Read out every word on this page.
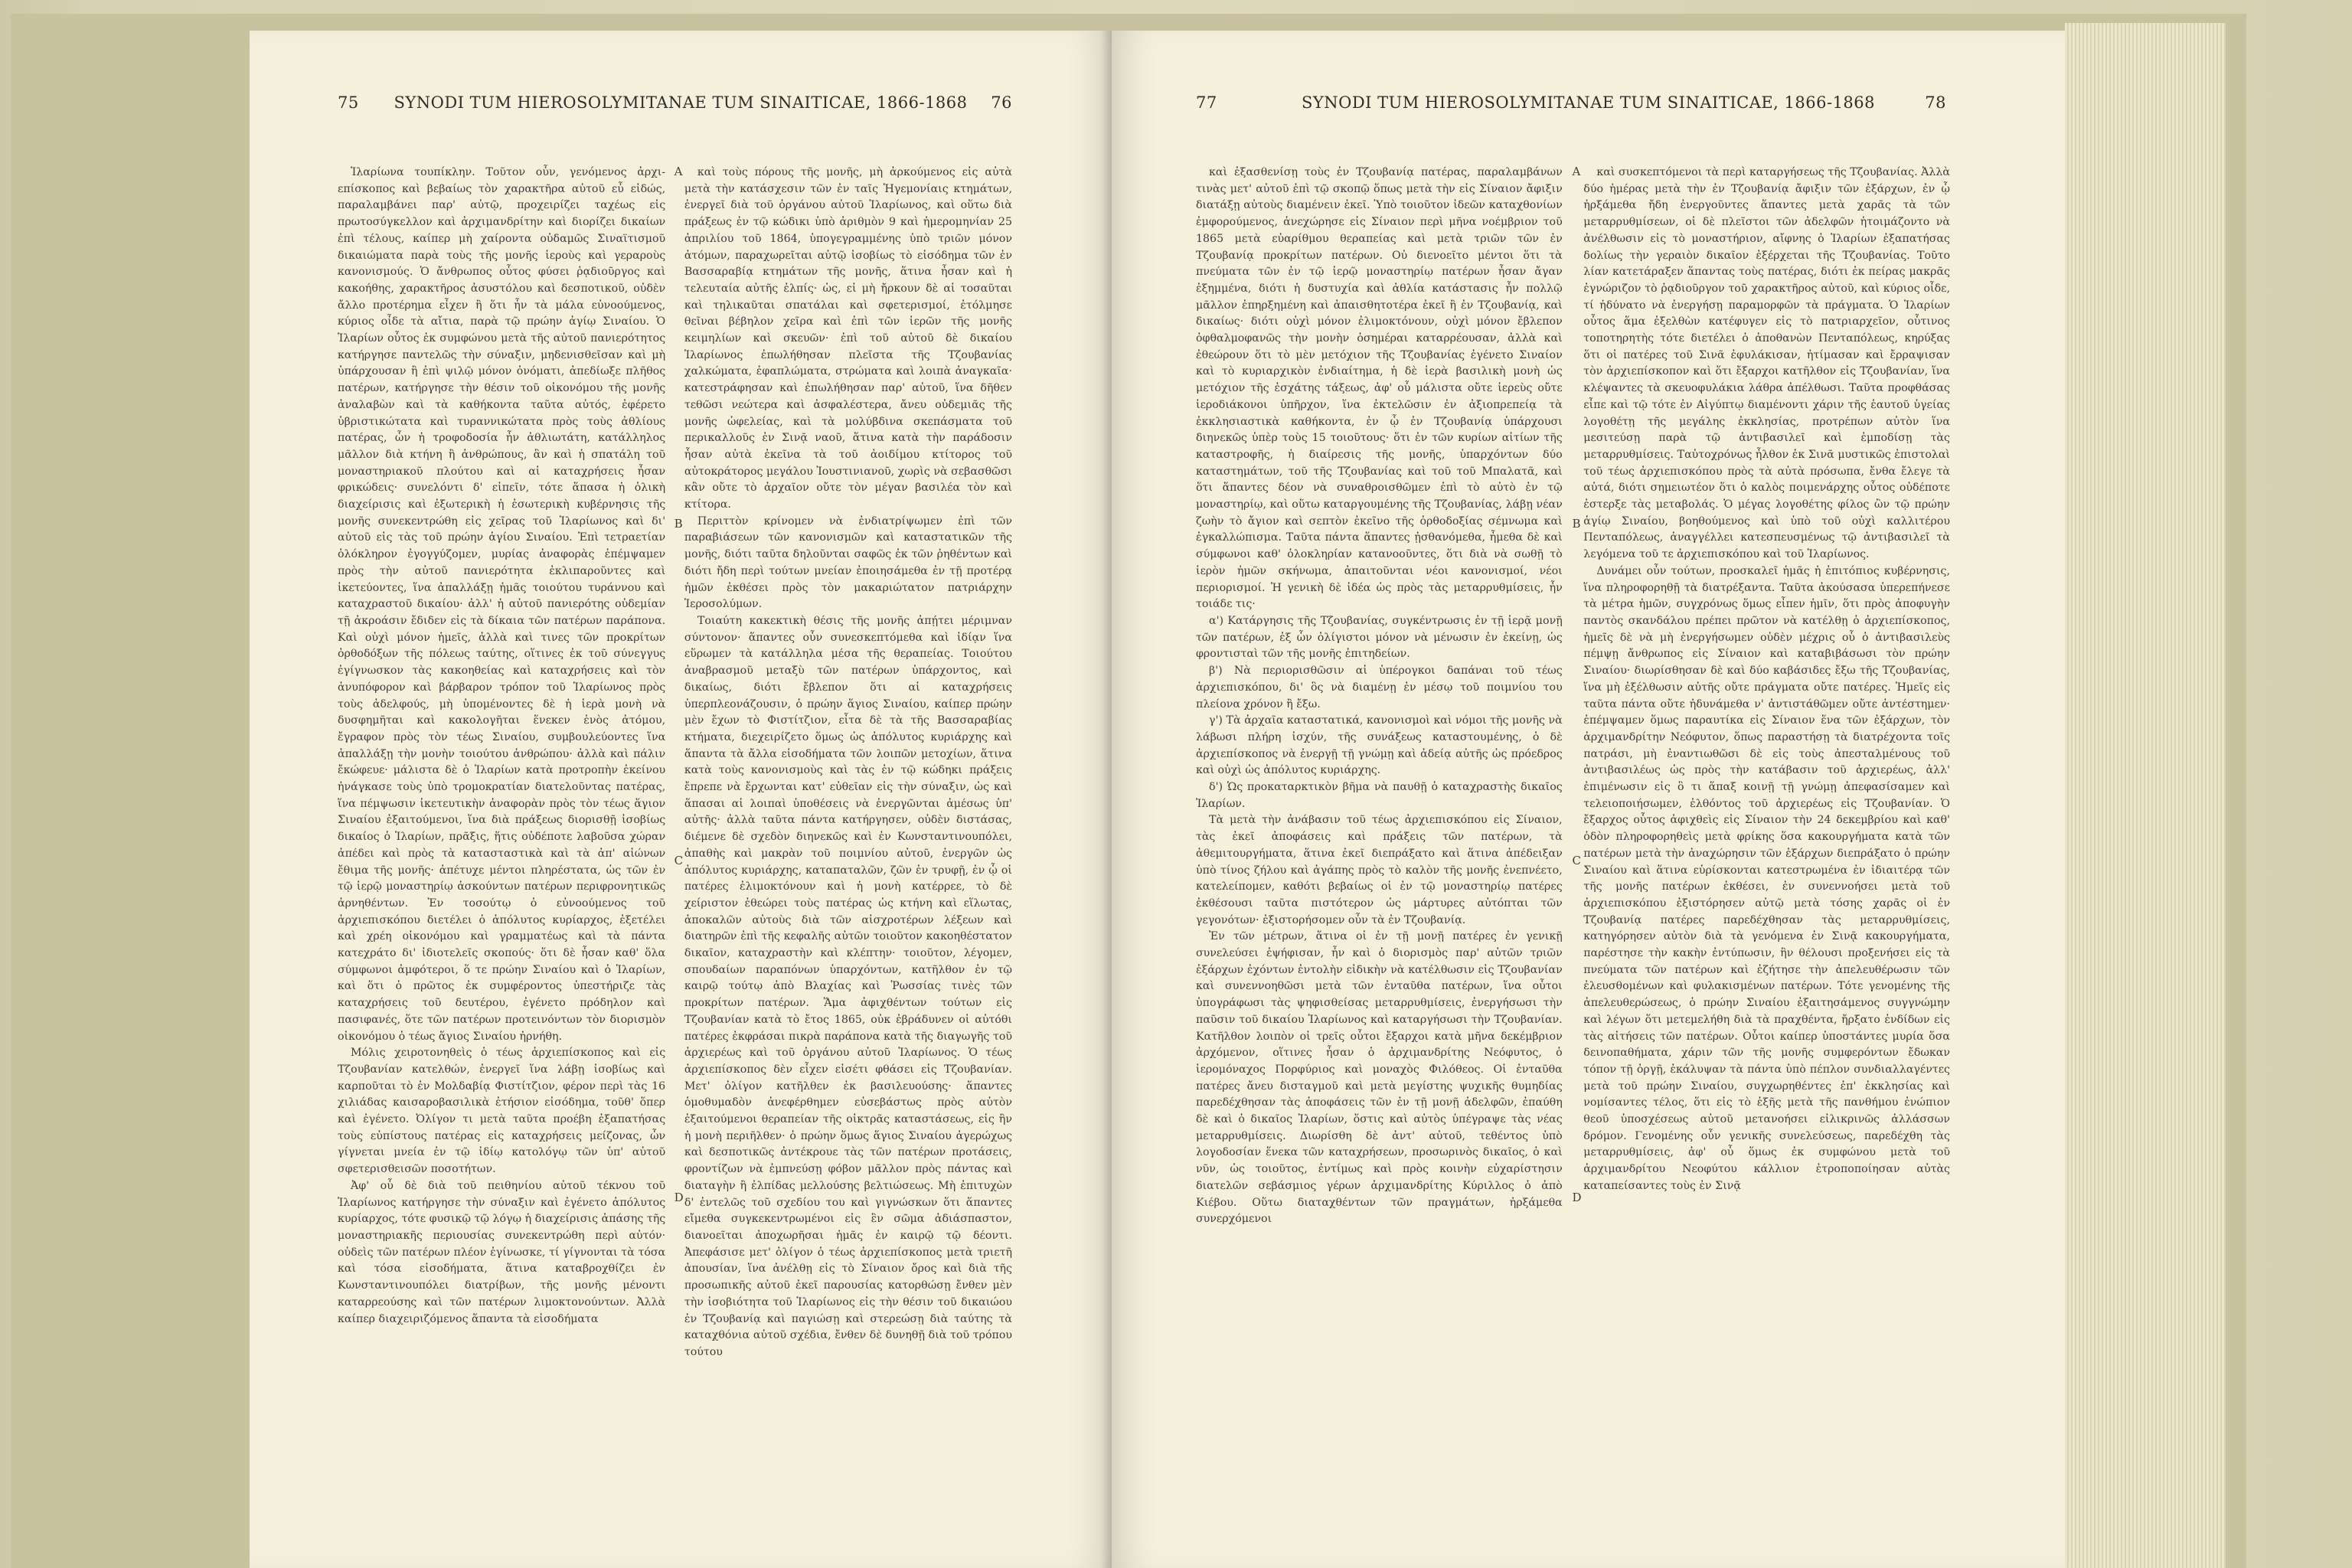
75	SYNODI TUM HIEROSOLYMITANAE TUM SINAITICAE, 1866-1868	76

Ἱλαρίωνα τουπίκλην. Τοῦτον οὖν, γενόμενος ἀρχι-επίσκοπος καὶ βεβαίως τὸν χαρακτῆρα αὐτοῦ εὖ εἰδώς, παραλαμβάνει παρ' αὐτῷ, προχειρίζει ταχέως εἰς πρωτοσύγκελλον καὶ ἀρχιμανδρίτην καὶ διορίζει δικαίων ἐπὶ τέλους, καίπερ μὴ χαίροντα οὐδαμῶς Σιναϊτισμοῦ δικαιώματα παρὰ τοὺς τῆς μονῆς ἱεροὺς καὶ γεραροὺς κανονισμούς. Ὁ ἄνθρωπος οὗτος φύσει ῥᾳδιοῦργος καὶ κακοήθης, χαρακτῆρος ἀσυστόλου καὶ δεσποτικοῦ, οὐδὲν ἄλλο προτέρημα εἶχεν ἢ ὅτι ἦν τὰ μάλα εὐνοούμενος, κύριος οἶδε τὰ αἴτια, παρὰ τῷ πρώην ἁγίῳ Σιναίου. Ὁ Ἱλαρίων οὗτος ἐκ συμφώνου μετὰ τῆς αὐτοῦ πανιερότητος κατήργησε παντελῶς τὴν σύναξιν, μηδενισθεῖσαν καὶ μὴ ὑπάρχουσαν ἢ ἐπὶ ψιλῷ μόνον ὀνόματι, ἀπεδίωξε πλῆθος πατέρων, κατήργησε τὴν θέσιν τοῦ οἰκονόμου τῆς μονῆς ἀναλαβὼν καὶ τὰ καθήκοντα ταῦτα αὐτός, ἐφέρετο ὑβριστικώτατα καὶ τυραννικώτατα πρὸς τοὺς ἀθλίους πατέρας, ὧν ἡ τροφοδοσία ἦν ἀθλιωτάτη, κατάλληλος μᾶλλον διὰ κτήνη ἢ ἀνθρώπους, ἂν καὶ ἡ σπατάλη τοῦ μοναστηριακοῦ πλούτου καὶ αἱ καταχρήσεις ἦσαν φρικώδεις· συνελόντι δ' εἰπεῖν, τότε ἅπασα ἡ ὁλικὴ διαχείρισις καὶ ἐξωτερικὴ ἡ ἐσωτερικὴ κυβέρνησις τῆς μονῆς συνεκεντρώθη εἰς χεῖρας τοῦ Ἱλαρίωνος καὶ δι' αὐτοῦ εἰς τὰς τοῦ πρώην ἁγίου Σιναίου. Ἐπὶ τετραετίαν ὁλόκληρον ἐγογγύζομεν, μυρίας ἀναφορὰς ἐπέμψαμεν πρὸς τὴν αὐτοῦ πανιερότητα ἐκλιπαροῦντες καὶ ἱκετεύοντες, ἵνα ἀπαλλάξῃ ἡμᾶς τοιούτου τυράννου καὶ καταχραστοῦ δικαίου· ἀλλ' ἡ αὐτοῦ πανιερότης οὐδεμίαν τῇ ἀκροάσιν ἔδιδεν εἰς τὰ δίκαια τῶν πατέρων παράπονα. Καὶ οὐχὶ μόνον ἡμεῖς, ἀλλὰ καὶ τινες τῶν προκρίτων ὀρθοδόξων τῆς πόλεως ταύτης, οἵτινες ἐκ τοῦ σύνεγγυς ἐγίγνωσκον τὰς κακοηθείας καὶ καταχρήσεις καὶ τὸν ἀνυπόφορον καὶ βάρβαρον τρόπον τοῦ Ἱλαρίωνος πρὸς τοὺς ἀδελφούς, μὴ ὑπομένοντες δὲ ἡ ἱερὰ μονὴ νὰ δυσφημῆται καὶ κακολογῆται ἕνεκεν ἑνὸς ἀτόμου, ἔγραφον πρὸς τὸν τέως Σιναίου, συμβουλεύοντες ἵνα ἀπαλλάξῃ τὴν μονὴν τοιούτου ἀνθρώπου· ἀλλὰ καὶ πάλιν ἔκώφευε· μάλιστα δὲ ὁ Ἱλαρίων κατὰ προτροπὴν ἐκείνου ἠνάγκασε τοὺς ὑπὸ τρομοκρατίαν διατελοῦντας πατέρας, ἵνα πέμψωσιν ἱκετευτικὴν ἀναφορὰν πρὸς τὸν τέως ἅγιον Σιναίου ἐξαιτούμενοι, ἵνα διὰ πράξεως διορισθῇ ἰσοβίως δικαίος ὁ Ἱλαρίων, πρᾶξις, ἥτις οὐδέποτε λαβοῦσα χώραν ἀπέδει καὶ πρὸς τὰ κατασταστικὰ καὶ τὰ ἀπ' αἰώνων ἔθιμα τῆς μονῆς· ἀπέτυχε μέντοι πληρέστατα, ὡς τῶν ἐν τῷ ἱερῷ μοναστηρίῳ ἀσκούντων πατέρων περιφρονητικῶς ἀρνηθέντων. Ἐν τοσούτῳ ὁ εὐνοούμενος τοῦ ἀρχιεπισκόπου διετέλει ὁ ἀπόλυτος κυρίαρχος, ἐξετέλει καὶ χρέη οἰκονόμου καὶ γραμματέως καὶ τὰ πάντα κατεχράτο δι' ἰδιοτελεῖς σκοπούς· ὅτι δὲ ἦσαν καθ' ὅλα σύμφωνοι ἀμφότεροι, ὅ τε πρώην Σιναίου καὶ ὁ Ἱλαρίων, καὶ ὅτι ὁ πρῶτος ἐκ συμφέροντος ὑπεστήριζε τὰς καταχρήσεις τοῦ δευτέρου, ἐγένετο πρόδηλον καὶ πασιφανές, ὅτε τῶν πατέρων προτεινόντων τὸν διορισμὸν οἰκονόμου ὁ τέως ἅγιος Σιναίου ἠρνήθη.

Μόλις χειροτονηθεὶς ὁ τέως ἀρχιεπίσκοπος καὶ εἰς Τζουβανίαν κατελθών, ἐνεργεῖ ἵνα λάβῃ ἰσοβίως καὶ καρποῦται τὸ ἐν Μολδαβίᾳ Φιστίτζιον, φέρον περὶ τὰς 16 χιλιάδας καισαροβασιλικὰ ἐτήσιον εἰσόδημα, τοῦθ' ὅπερ καὶ ἐγένετο. Ὀλίγον τι μετὰ ταῦτα προέβη ἐξαπατήσας τοὺς εὐπίστους πατέρας εἰς καταχρήσεις μείζονας, ὧν γίγνεται μνεία ἐν τῷ ἰδίῳ κατολόγῳ τῶν ὑπ' αὐτοῦ σφετερισθεισῶν ποσοτήτων.

Ἀφ' οὗ δὲ διὰ τοῦ πειθηνίου αὐτοῦ τέκνου τοῦ Ἱλαρίωνος κατήργησε τὴν σύναξιν καὶ ἐγένετο ἀπόλυτος κυρίαρχος, τότε φυσικῷ τῷ λόγῳ ἡ διαχείρισις ἁπάσης τῆς μοναστηριακῆς περιουσίας συνεκεντρώθη περὶ αὐτόν· οὐδεὶς τῶν πατέρων πλέον ἐγίνωσκε, τί γίγνονται τὰ τόσα καὶ τόσα εἰσοδήματα, ἅτινα καταβροχθίζει ἐν Κωνσταντινουπόλει διατρίβων, τῆς μονῆς μένοντι καταρρεούσης καὶ τῶν πατέρων λιμοκτονούντων. Ἀλλὰ καίπερ διαχειριζόμενος ἅπαντα τὰ εἰσοδήματα

A
B
C
D

καὶ τοὺς πόρους τῆς μονῆς, μὴ ἀρκούμενος εἰς αὐτὰ μετὰ τὴν κατάσχεσιν τῶν ἐν ταῖς Ἡγεμονίαις κτημάτων, ἐνεργεῖ διὰ τοῦ ὀργάνου αὐτοῦ Ἱλαρίωνος, καὶ οὕτω διὰ πράξεως ἐν τῷ κώδικι ὑπὸ ἀριθμὸν 9 καὶ ἡμερομηνίαν 25 ἀπριλίου τοῦ 1864, ὑπογεγραμμένης ὑπὸ τριῶν μόνον ἀτόμων, παραχωρεῖται αὐτῷ ἰσοβίως τὸ εἰσόδημα τῶν ἐν Βασσαραβίᾳ κτημάτων τῆς μονῆς, ἅτινα ἦσαν καὶ ἡ τελευταία αὐτῆς ἐλπίς· ὡς, εἰ μὴ ἤρκουν δὲ αἱ τοσαῦται καὶ τηλικαῦται σπατάλαι καὶ σφετερισμοί, ἐτόλμησε θεῖναι βέβηλον χεῖρα καὶ ἐπὶ τῶν ἱερῶν τῆς μονῆς κειμηλίων καὶ σκευῶν· ἐπὶ τοῦ αὐτοῦ δὲ δικαίου Ἱλαρίωνος ἐπωλήθησαν πλεῖστα τῆς Τζουβανίας χαλκώματα, ἐφαπλώματα, στρώματα καὶ λοιπὰ ἀναγκαῖα· κατεστράφησαν καὶ ἐπωλήθησαν παρ' αὐτοῦ, ἵνα δῆθεν τεθῶσι νεώτερα καὶ ἀσφαλέστερα, ἄνευ οὐδεμιᾶς τῆς μονῆς ὠφελείας, καὶ τὰ μολύβδινα σκεπάσματα τοῦ περικαλλοῦς ἐν Σινᾷ ναοῦ, ἅτινα κατὰ τὴν παράδοσιν ἦσαν αὐτὰ ἐκεῖνα τὰ τοῦ ἀοιδίμου κτίτορος τοῦ αὐτοκράτορος μεγάλου Ἰουστινιανοῦ, χωρὶς νὰ σεβασθῶσι κἂν οὔτε τὸ ἀρχαῖον οὔτε τὸν μέγαν βασιλέα τὸν καὶ κτίτορα.

Περιττὸν κρίνομεν νὰ ἐνδιατρίψωμεν ἐπὶ τῶν παραβιάσεων τῶν κανονισμῶν καὶ καταστατικῶν τῆς μονῆς, διότι ταῦτα δηλοῦνται σαφῶς ἐκ τῶν ῥηθέντων καὶ διότι ἤδη περὶ τούτων μνείαν ἐποιησάμεθα ἐν τῇ προτέρᾳ ἡμῶν ἐκθέσει πρὸς τὸν μακαριώτατον πατριάρχην Ἱεροσολύμων.

Τοιαύτη κακεκτικὴ θέσις τῆς μονῆς ἀπῄτει μέριμναν σύντονον· ἅπαντες οὖν συνεσκεπτόμεθα καὶ ἰδίᾳν ἵνα εὕρωμεν τὰ κατάλληλα μέσα τῆς θεραπείας. Τοιούτου ἀναβρασμοῦ μεταξὺ τῶν πατέρων ὑπάρχοντος, καὶ δικαίως, διότι ἔβλεπον ὅτι αἱ καταχρήσεις ὑπερπλεονάζουσιν, ὁ πρώην ἅγιος Σιναίου, καίπερ πρώην μὲν ἔχων τὸ Φιστίτζιον, εἶτα δὲ τὰ τῆς Βασσαραβίας κτήματα, διεχειρίζετο ὅμως ὡς ἀπόλυτος κυριάρχης καὶ ἅπαντα τὰ ἄλλα εἰσοδήματα τῶν λοιπῶν μετοχίων, ἅτινα κατὰ τοὺς κανονισμοὺς καὶ τὰς ἐν τῷ κώδηκι πράξεις ἔπρεπε νὰ ἔρχωνται κατ' εὐθεῖαν εἰς τὴν σύναξιν, ὡς καὶ ἅπασαι αἱ λοιπαὶ ὑποθέσεις νὰ ἐνεργῶνται ἀμέσως ὑπ' αὐτῆς· ἀλλὰ ταῦτα πάντα κατήργησεν, οὐδὲν διστάσας, διέμενε δὲ σχεδὸν διηνεκῶς καὶ ἐν Κωνσταντινουπόλει, ἀπαθὴς καὶ μακρὰν τοῦ ποιμνίου αὐτοῦ, ἐνεργῶν ὡς ἀπόλυτος κυριάρχης, καταπαταλῶν, ζῶν ἐν τρυφῇ, ἐν ᾧ οἱ πατέρες ἐλιμοκτόνουν καὶ ἡ μονὴ κατέρρεε, τὸ δὲ χείριστον ἐθεώρει τοὺς πατέρας ὡς κτήνη καὶ εἵλωτας, ἀποκαλῶν αὐτοὺς διὰ τῶν αἰσχροτέρων λέξεων καὶ διατηρῶν ἐπὶ τῆς κεφαλῆς αὐτῶν τοιοῦτον κακοηθέστατον δικαῖον, καταχραστὴν καὶ κλέπτην· τοιοῦτον, λέγομεν, σπουδαίων παραπόνων ὑπαρχόντων, κατῆλθον ἐν τῷ καιρῷ τούτῳ ἀπὸ Βλαχίας καὶ Ῥωσσίας τινὲς τῶν προκρίτων πατέρων. Ἅμα ἀφιχθέντων τούτων εἰς Τζουβανίαν κατὰ τὸ ἔτος 1865, οὐκ ἐβράδυνεν οἱ αὐτόθι πατέρες ἐκφράσαι πικρὰ παράπονα κατὰ τῆς διαγωγῆς τοῦ ἀρχιερέως καὶ τοῦ ὀργάνου αὐτοῦ Ἱλαρίωνος. Ὁ τέως ἀρχιεπίσκοπος δὲν εἶχεν εἰσέτι φθάσει εἰς Τζουβανίαν. Μετ' ὀλίγον κατῆλθεν ἐκ βασιλευούσης· ἅπαντες ὁμοθυμαδὸν ἀνεφέρθημεν εὐσεβάστως πρὸς αὐτὸν ἐξαιτούμενοι θεραπείαν τῆς οἰκτρᾶς καταστάσεως, εἰς ἣν ἡ μονὴ περιῆλθεν· ὁ πρώην ὅμως ἅγιος Σιναίου ἀγερώχως καὶ δεσποτικῶς ἀντέκρουε τὰς τῶν πατέρων προτάσεις, φροντίζων νὰ ἐμπνεύσῃ φόβον μᾶλλον πρὸς πάντας καὶ διαταγὴν ἢ ἐλπίδας μελλούσης βελτιώσεως. Μὴ ἐπιτυχὼν δ' ἐντελῶς τοῦ σχεδίου του καὶ γιγνώσκων ὅτι ἅπαντες εἴμεθα συγκεκεντρωμένοι εἰς ἓν σῶμα ἀδιάσπαστον, διανοεῖται ἀποχωρῆσαι ἡμᾶς ἐν καιρῷ τῷ δέοντι. Ἀπεφάσισε μετ' ὀλίγον ὁ τέως ἀρχιεπίσκοπος μετὰ τριετῆ ἀπουσίαν, ἵνα ἀνέλθῃ εἰς τὸ Σίναιον ὄρος καὶ διὰ τῆς προσωπικῆς αὐτοῦ ἐκεῖ παρουσίας κατορθώσῃ ἔνθεν μὲν τὴν ἰσοβιότητα τοῦ Ἱλαρίωνος εἰς τὴν θέσιν τοῦ δικαιώου ἐν Τζουβανίᾳ καὶ παγιώσῃ καὶ στερεώσῃ διὰ ταύτης τὰ καταχθόνια αὐτοῦ σχέδια, ἔνθεν δὲ δυνηθῇ διὰ τοῦ τρόπου τούτου

77	SYNODI TUM HIEROSOLYMITANAE TUM SINAITICAE, 1866-1868	78

καὶ ἐξασθενίσῃ τοὺς ἐν Τζουβανίᾳ πατέρας, παραλαμβάνων τινὰς μετ' αὐτοῦ ἐπὶ τῷ σκοπῷ ὅπως μετὰ τὴν εἰς Σίναιον ἄφιξιν διατάξῃ αὐτοὺς διαμένειν ἐκεῖ. Ὑπὸ τοιοῦτον ἰδεῶν καταχθονίων ἐμφορούμενος, ἀνεχώρησε εἰς Σίναιον περὶ μῆνα νοέμβριον τοῦ 1865 μετὰ εὐαρίθμου θεραπείας καὶ μετὰ τριῶν τῶν ἐν Τζουβανίᾳ προκρίτων πατέρων. Οὐ διενοεῖτο μέντοι ὅτι τὰ πνεύματα τῶν ἐν τῷ ἱερῷ μοναστηρίῳ πατέρων ἦσαν ἄγαν ἐξημμένα, διότι ἡ δυστυχία καὶ ἀθλία κατάστασις ἦν πολλῷ μᾶλλον ἐπηρξημένη καὶ ἀπαισθητοτέρα ἐκεῖ ἢ ἐν Τζουβανίᾳ, καὶ δικαίως· διότι οὐχὶ μόνον ἐλιμοκτόνουν, οὐχὶ μόνον ἔβλεπον ὀφθαλμοφανῶς τὴν μονὴν ὁσημέραι καταρρέουσαν, ἀλλὰ καὶ ἐθεώρουν ὅτι τὸ μὲν μετόχιον τῆς Τζουβανίας ἐγένετο Σιναίον καὶ τὸ κυριαρχικὸν ἐνδιαίτημα, ἡ δὲ ἱερὰ βασιλικὴ μονὴ ὡς μετόχιον τῆς ἐσχάτης τάξεως, ἀφ' οὗ μάλιστα οὔτε ἱερεὺς οὔτε ἱεροδιάκονοι ὑπῆρχον, ἵνα ἐκτελῶσιν ἐν ἀξιοπρεπείᾳ τὰ ἐκκλησιαστικὰ καθήκοντα, ἐν ᾧ ἐν Τζουβανίᾳ ὑπάρχουσι διηνεκῶς ὑπὲρ τοὺς 15 τοιοῦτους· ὅτι ἐν τῶν κυρίων αἰτίων τῆς καταστροφῆς, ἡ διαίρεσις τῆς μονῆς, ὑπαρχόντων δύο καταστημάτων, τοῦ τῆς Τζουβανίας καὶ τοῦ τοῦ Μπαλατᾶ, καὶ ὅτι ἅπαντες δέον νὰ συναθροισθῶμεν ἐπὶ τὸ αὐτὸ ἐν τῷ μοναστηρίῳ, καὶ οὕτω καταργουμένης τῆς Τζουβανίας, λάβῃ νέαν ζωὴν τὸ ἄγιον καὶ σεπτὸν ἐκεῖνο τῆς ὀρθοδοξίας σέμνωμα καὶ ἐγκαλλώπισμα. Ταῦτα πάντα ἅπαντες ᾐσθανόμεθα, ἦμεθα δὲ καὶ σύμφωνοι καθ' ὁλοκληρίαν κατανοοῦντες, ὅτι διὰ νὰ σωθῇ τὸ ἱερὸν ἡμῶν σκήνωμα, ἀπαιτοῦνται νέοι κανονισμοί, νέοι περιορισμοί. Ἡ γενικὴ δὲ ἰδέα ὡς πρὸς τὰς μεταρρυθμίσεις, ἦν τοιάδε τις·

α') Κατάργησις τῆς Τζουβανίας, συγκέντρωσις ἐν τῇ ἱερᾷ μονῇ τῶν πατέρων, ἐξ ὧν ὀλίγιστοι μόνον νὰ μένωσιν ἐν ἐκείνῃ, ὡς φροντισταὶ τῶν τῆς μονῆς ἐπιτηδείων.

β') Νὰ περιορισθῶσιν αἱ ὑπέρογκοι δαπάναι τοῦ τέως ἀρχιεπισκόπου, δι' ὃς νὰ διαμένῃ ἐν μέσῳ τοῦ ποιμνίου του πλείονα χρόνον ἢ ἔξω.

γ') Τὰ ἀρχαῖα καταστατικά, κανονισμοὶ καὶ νόμοι τῆς μονῆς νὰ λάβωσι πλήρη ἰσχύν, τῆς συνάξεως καταστουμένης, ὁ δὲ ἀρχιεπίσκοπος νὰ ἐνεργῇ τῇ γνώμῃ καὶ ἀδείᾳ αὐτῆς ὡς πρόεδρος καὶ οὐχὶ ὡς ἀπόλυτος κυριάρχης.

δ') Ὡς προκαταρκτικὸν βῆμα νὰ παυθῇ ὁ καταχραστὴς δικαῖος Ἱλαρίων.

Τὰ μετὰ τὴν ἀνάβασιν τοῦ τέως ἀρχιεπισκόπου εἰς Σίναιον, τὰς ἐκεῖ ἀποφάσεις καὶ πράξεις τῶν πατέρων, τὰ ἀθεμιτουργήματα, ἅτινα ἐκεῖ διεπράξατο καὶ ἅτινα ἀπέδειξαν ὑπὸ τίνος ζήλου καὶ ἀγάπης πρὸς τὸ καλὸν τῆς μονῆς ἐνεπνέετο, κατελείπομεν, καθότι βεβαίως οἱ ἐν τῷ μοναστηρίῳ πατέρες ἐκθέσουσι ταῦτα πιστότερον ὡς μάρτυρες αὐτόπται τῶν γεγονότων· ἐξιστορήσομεν οὖν τὰ ἐν Τζουβανίᾳ.

Ἐν τῶν μέτρων, ἅτινα οἱ ἐν τῇ μονῇ πατέρες ἐν γενικῇ συνελεύσει ἐψήφισαν, ἦν καὶ ὁ διορισμὸς παρ' αὐτῶν τριῶν ἐξάρχων ἐχόντων ἐντολὴν εἰδικὴν νὰ κατέλθωσιν εἰς Τζουβανίαν καὶ συνεννοηθῶσι μετὰ τῶν ἐνταῦθα πατέρων, ἵνα οὗτοι ὑπογράφωσι τὰς ψηφισθείσας μεταρρυθμίσεις, ἐνεργήσωσι τὴν παῦσιν τοῦ δικαίου Ἱλαρίωνος καὶ καταργήσωσι τὴν Τζουβανίαν. Κατῆλθον λοιπὸν οἱ τρεῖς οὗτοι ἔξαρχοι κατὰ μῆνα δεκέμβριον ἀρχόμενον, οἵτινες ἦσαν ὁ ἀρχιμανδρίτης Νεόφυτος, ὁ ἱερομόναχος Πορφύριος καὶ μοναχὸς Φιλόθεος. Οἱ ἐνταῦθα πατέρες ἄνευ δισταγμοῦ καὶ μετὰ μεγίστης ψυχικῆς θυμηδίας παρεδέχθησαν τὰς ἀποφάσεις τῶν ἐν τῇ μονῇ ἀδελφῶν, ἐπαύθη δὲ καὶ ὁ δικαῖος Ἱλαρίων, ὅστις καὶ αὐτὸς ὑπέγραψε τὰς νέας μεταρρυθμίσεις. Διωρίσθη δὲ ἀντ' αὐτοῦ, τεθέντος ὑπὸ λογοδοσίαν ἕνεκα τῶν καταχρήσεων, προσωρινὸς δικαῖος, ὁ καὶ νῦν, ὡς τοιοῦτος, ἐντίμως καὶ πρὸς κοινὴν εὐχαρίστησιν διατελῶν σεβάσμιος γέρων ἀρχιμανδρίτης Κύριλλος ὁ ἀπὸ Κιέβου. Οὕτω διαταχθέντων τῶν πραγμάτων, ἠρξάμεθα συνερχόμενοι

A
B
C
D

καὶ συσκεπτόμενοι τὰ περὶ καταργήσεως τῆς Τζουβανίας. Ἀλλὰ δύο ἡμέρας μετὰ τὴν ἐν Τζουβανίᾳ ἄφιξιν τῶν ἐξάρχων, ἐν ᾧ ἠρξάμεθα ἤδη ἐνεργοῦντες ἅπαντες μετὰ χαρᾶς τὰ τῶν μεταρρυθμίσεων, οἱ δὲ πλεῖστοι τῶν ἀδελφῶν ἡτοιμάζοντο νὰ ἀνέλθωσιν εἰς τὸ μοναστήριον, αἴφνης ὁ Ἱλαρίων ἐξαπατήσας δολίως τὴν γεραιὸν δικαῖον ἐξέρχεται τῆς Τζουβανίας. Τοῦτο λίαν κατετάραξεν ἅπαντας τοὺς πατέρας, διότι ἐκ πείρας μακρᾶς ἐγνώριζον τὸ ῥᾳδιοῦργον τοῦ χαρακτῆρος αὐτοῦ, καὶ κύριος οἶδε, τί ἠδύνατο νὰ ἐνεργήσῃ παραμορφῶν τὰ πράγματα. Ὁ Ἱλαρίων οὗτος ἅμα ἐξελθὼν κατέφυγεν εἰς τὸ πατριαρχεῖον, οὗτινος τοποτηρητὴς τότε διετέλει ὁ ἀποθανὼν Πενταπόλεως, κηρύξας ὅτι οἱ πατέρες τοῦ Σινᾶ ἐφυλάκισαν, ἠτίμασαν καὶ ἔρραψισαν τὸν ἀρχιεπίσκοπον καὶ ὅτι ἔξαρχοι κατῆλθον εἰς Τζουβανίαν, ἵνα κλέψαντες τὰ σκευοφυλάκια λάθρα ἀπέλθωσι. Ταῦτα προφθάσας εἶπε καὶ τῷ τότε ἐν Αἰγύπτῳ διαμένοντι χάριν τῆς ἑαυτοῦ ὑγείας λογοθέτῃ τῆς μεγάλης ἐκκλησίας, προτρέπων αὐτὸν ἵνα μεσιτεύσῃ παρὰ τῷ ἀντιβασιλεῖ καὶ ἐμποδίσῃ τὰς μεταρρυθμίσεις. Ταὐτοχρόνως ἦλθον ἐκ Σινᾶ μυστικῶς ἐπιστολαὶ τοῦ τέως ἀρχιεπισκόπου πρὸς τὰ αὐτὰ πρόσωπα, ἔνθα ἔλεγε τὰ αὐτά, διότι σημειωτέον ὅτι ὁ καλὸς ποιμενάρχης οὗτος οὐδέποτε ἐστερξε τὰς μεταβολάς. Ὁ μέγας λογοθέτης φίλος ὢν τῷ πρώην ἁγίῳ Σιναίου, βοηθούμενος καὶ ὑπὸ τοῦ οὐχὶ καλλιτέρου Πενταπόλεως, ἀναγγέλλει κατεσπευσμένως τῷ ἀντιβασιλεῖ τὰ λεγόμενα τοῦ τε ἀρχιεπισκόπου καὶ τοῦ Ἱλαρίωνος.

Δυνάμει οὖν τούτων, προσκαλεῖ ἡμᾶς ἡ ἐπιτόπιος κυβέρνησις, ἵνα πληροφορηθῇ τὰ διατρέξαντα. Ταῦτα ἀκούσασα ὑπερεπήνεσε τὰ μέτρα ἡμῶν, συγχρόνως ὅμως εἶπεν ἡμῖν, ὅτι πρὸς ἀποφυγὴν παντὸς σκανδάλου πρέπει πρῶτον νὰ κατέλθῃ ὁ ἀρχιεπίσκοπος, ἡμεῖς δὲ νὰ μὴ ἐνεργήσωμεν οὐδὲν μέχρις οὗ ὁ ἀντιβασιλεὺς πέμψῃ ἄνθρωπος εἰς Σίναιον καὶ καταβιβάσωσι τὸν πρώην Σιναίου· διωρίσθησαν δὲ καὶ δύο καβάσιδες ἔξω τῆς Τζουβανίας, ἵνα μὴ ἐξέλθωσιν αὐτῆς οὔτε πράγματα οὔτε πατέρες. Ἡμεῖς εἰς ταῦτα πάντα οὔτε ἠδυνάμεθα ν' ἀντιστάθῶμεν οὔτε ἀντέστημεν· ἐπέμψαμεν ὅμως παραυτίκα εἰς Σίναιον ἕνα τῶν ἐξάρχων, τὸν ἀρχιμανδρίτην Νεόφυτον, ὅπως παραστήσῃ τὰ διατρέχοντα τοῖς πατράσι, μὴ ἐναντιωθῶσι δὲ εἰς τοὺς ἀπεσταλμένους τοῦ ἀντιβασιλέως ὡς πρὸς τὴν κατάβασιν τοῦ ἀρχιερέως, ἀλλ' ἐπιμένωσιν εἰς ὃ τι ἅπαξ κοινῇ τῇ γνώμῃ ἀπεφασίσαμεν καὶ τελειοποιήσωμεν, ἐλθόντος τοῦ ἀρχιερέως εἰς Τζουβανίαν. Ὁ ἔξαρχος οὗτος ἀφιχθεὶς εἰς Σίναιον τὴν 24 δεκεμβρίου καὶ καθ' ὁδὸν πληροφορηθεὶς μετὰ φρίκης ὅσα κακουργήματα κατὰ τῶν πατέρων μετὰ τὴν ἀναχώρησιν τῶν ἐξάρχων διεπράξατο ὁ πρώην Σιναίου καὶ ἅτινα εὑρίσκονται κατεστρωμένα ἐν ἰδιαιτέρᾳ τῶν τῆς μονῆς πατέρων ἐκθέσει, ἐν συνεννοήσει μετὰ τοῦ ἀρχιεπισκόπου ἐξιστόρησεν αὐτῷ μετὰ τόσης χαρᾶς οἱ ἐν Τζουβανίᾳ πατέρες παρεδέχθησαν τὰς μεταρρυθμίσεις, κατηγόρησεν αὐτὸν διὰ τὰ γενόμενα ἐν Σινᾷ κακουργήματα, παρέστησε τὴν κακὴν ἐντύπωσιν, ἣν θέλουσι προξενήσει εἰς τὰ πνεύματα τῶν πατέρων καὶ ἐζήτησε τὴν ἀπελευθέρωσιν τῶν ἐλευσθομένων καὶ φυλακισμένων πατέρων. Τότε γενομένης τῆς ἀπελευθερώσεως, ὁ πρώην Σιναίου ἐξαιτησάμενος συγγνώμην καὶ λέγων ὅτι μετεμελήθη διὰ τὰ πραχθέντα, ἤρξατο ἐνδίδων εἰς τὰς αἰτήσεις τῶν πατέρων. Οὗτοι καίπερ ὑποστάντες μυρία ὅσα δεινοπαθήματα, χάριν τῶν τῆς μονῆς συμφερόντων ἔδωκαν τόπον τῇ ὀργῇ, ἐκάλυψαν τὰ πάντα ὑπὸ πέπλον συνδιαλλαγέντες μετὰ τοῦ πρώην Σιναίου, συγχωρηθέντες ἐπ' ἐκκλησίας καὶ νομίσαντες τέλος, ὅτι εἰς τὸ ἑξῆς μετὰ τῆς πανθήμου ἐνώπιον θεοῦ ὑποσχέσεως αὐτοῦ μετανοήσει εἰλικρινῶς ἀλλάσσων δρόμον. Γενομένης οὖν γενικῆς συνελεύσεως, παρεδέχθη τὰς μεταρρυθμίσεις, ἀφ' οὗ ὅμως ἐκ συμφώνου μετὰ τοῦ ἀρχιμανδρίτου Νεοφύτου κάλλιον ἐτροποποίησαν αὐτὰς καταπείσαντες τοὺς ἐν Σινᾷ
